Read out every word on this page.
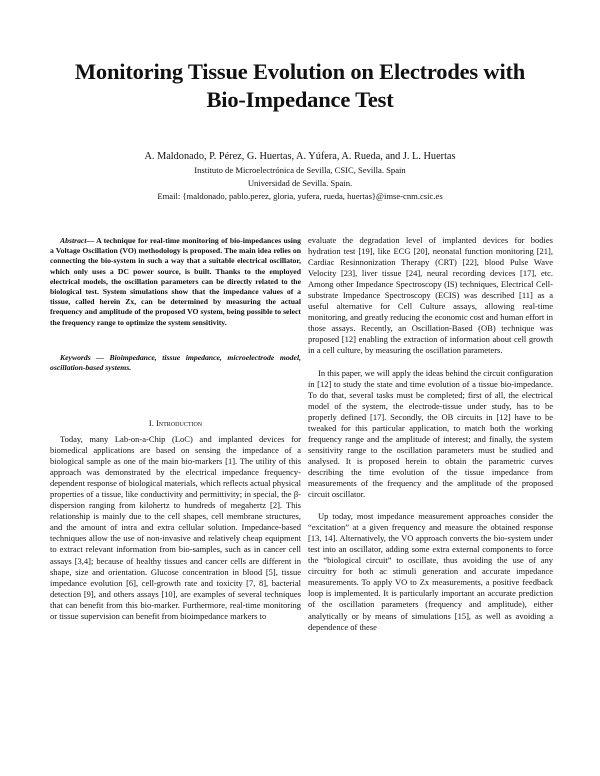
Monitoring Tissue Evolution on Electrodes with
Bio-Impedance Test
A. Maldonado, P. Pérez, G. Huertas, A. Yúfera, A. Rueda, and J. L. Huertas
Instituto de Microelectrónica de Sevilla, CSIC, Sevilla. Spain
Universidad de Sevilla. Spain.
Email: {maldonado, pablo.perez, gloria, yufera, rueda, huertas}@imse-cnm.csic.es

Abstract— A technique for real-time monitoring of bio-impedances using a Voltage Oscillation (VO) methodology is proposed. The main idea relies on connecting the bio-system in such a way that a suitable electrical oscillator, which only uses a DC power source, is built. Thanks to the employed electrical models, the oscillation parameters can be directly related to the biological test. System simulations show that the impedance values of a tissue, called herein Zx, can be determined by measuring the actual frequency and amplitude of the proposed VO system, being possible to select the frequency range to optimize the system sensitivity.

Keywords — Bioimpedance, tissue impedance, microelectrode model, oscillation-based systems.

I. Introduction

Today, many Lab-on-a-Chip (LoC) and implanted devices for biomedical applications are based on sensing the impedance of a biological sample as one of the main bio-markers [1]. The utility of this approach was demonstrated by the electrical impedance frequency-dependent response of biological materials, which reflects actual physical properties of a tissue, like conductivity and permittivity; in special, the β-dispersion ranging from kilohertz to hundreds of megahertz [2]. This relationship is mainly due to the cell shapes, cell membrane structures, and the amount of intra and extra cellular solution. Impedance-based techniques allow the use of non-invasive and relatively cheap equipment to extract relevant information from bio-samples, such as in cancer cell assays [3,4]; because of healthy tissues and cancer cells are different in shape, size and orientation. Glucose concentration in blood [5], tissue impedance evolution [6], cell-growth rate and toxicity [7, 8], bacterial detection [9], and others assays [10], are examples of several techniques that can benefit from this bio-marker. Furthermore, real-time monitoring or tissue supervision can benefit from bioimpedance markers to

evaluate the degradation level of implanted devices for bodies hydration test [19], like ECG [20], neonatal function monitoring [21], Cardiac Resinnonization Therapy (CRT) [22], blood Pulse Wave Velocity [23], liver tissue [24], neural recording devices [17], etc. Among other Impedance Spectroscopy (IS) techniques, Electrical Cell-substrate Impedance Spectroscopy (ECIS) was described [11] as a useful alternative for Cell Culture assays, allowing real-time monitoring, and greatly reducing the economic cost and human effort in those assays. Recently, an Oscillation-Based (OB) technique was proposed [12] enabling the extraction of information about cell growth in a cell culture, by measuring the oscillation parameters.

In this paper, we will apply the ideas behind the circuit configuration in [12] to study the state and time evolution of a tissue bio-impedance. To do that, several tasks must be completed; first of all, the electrical model of the system, the electrode-tissue under study, has to be properly defined [17]. Secondly, the OB circuits in [12] have to be tweaked for this particular application, to match both the working frequency range and the amplitude of interest; and finally, the system sensitivity range to the oscillation parameters must be studied and analysed. It is proposed herein to obtain the parametric curves describing the time evolution of the tissue impedance from measurements of the frequency and the amplitude of the proposed circuit oscillator.

Up today, most impedance measurement approaches consider the “excitation” at a given frequency and measure the obtained response [13, 14]. Alternatively, the VO approach converts the bio-system under test into an oscillator, adding some extra external components to force the “biological circuit” to oscillate, thus avoiding the use of any circuitry for both ac stimuli generation and accurate impedance measurements. To apply VO to Zx measurements, a positive feedback loop is implemented. It is particularly important an accurate prediction of the oscillation parameters (frequency and amplitude), either analytically or by means of simulations [15], as well as avoiding a dependence of these
